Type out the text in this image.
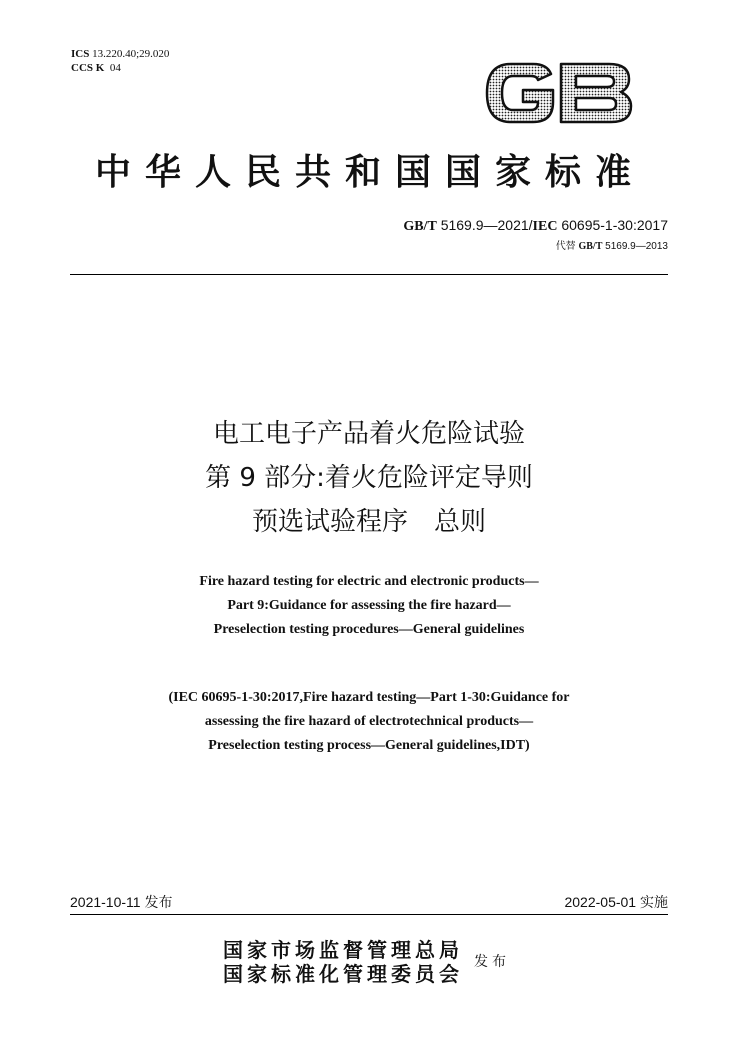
ICS 13.220.40;29.020
CCS K 04
中华人民共和国国家标准
GB/T 5169.9—2021/IEC 60695-1-30:2017
代替 GB/T 5169.9—2013
电工电子产品着火危险试验
第 9 部分:着火危险评定导则
预选试验程序　总则
Fire hazard testing for electric and electronic products—
Part 9:Guidance for assessing the fire hazard—
Preselection testing procedures—General guidelines
(IEC 60695-1-30:2017,Fire hazard testing—Part 1-30:Guidance for
assessing the fire hazard of electrotechnical products—
Preselection testing process—General guidelines,IDT)
2021-10-11 发布	2022-05-01 实施
国家市场监督管理总局
国家标准化管理委员会 发布
